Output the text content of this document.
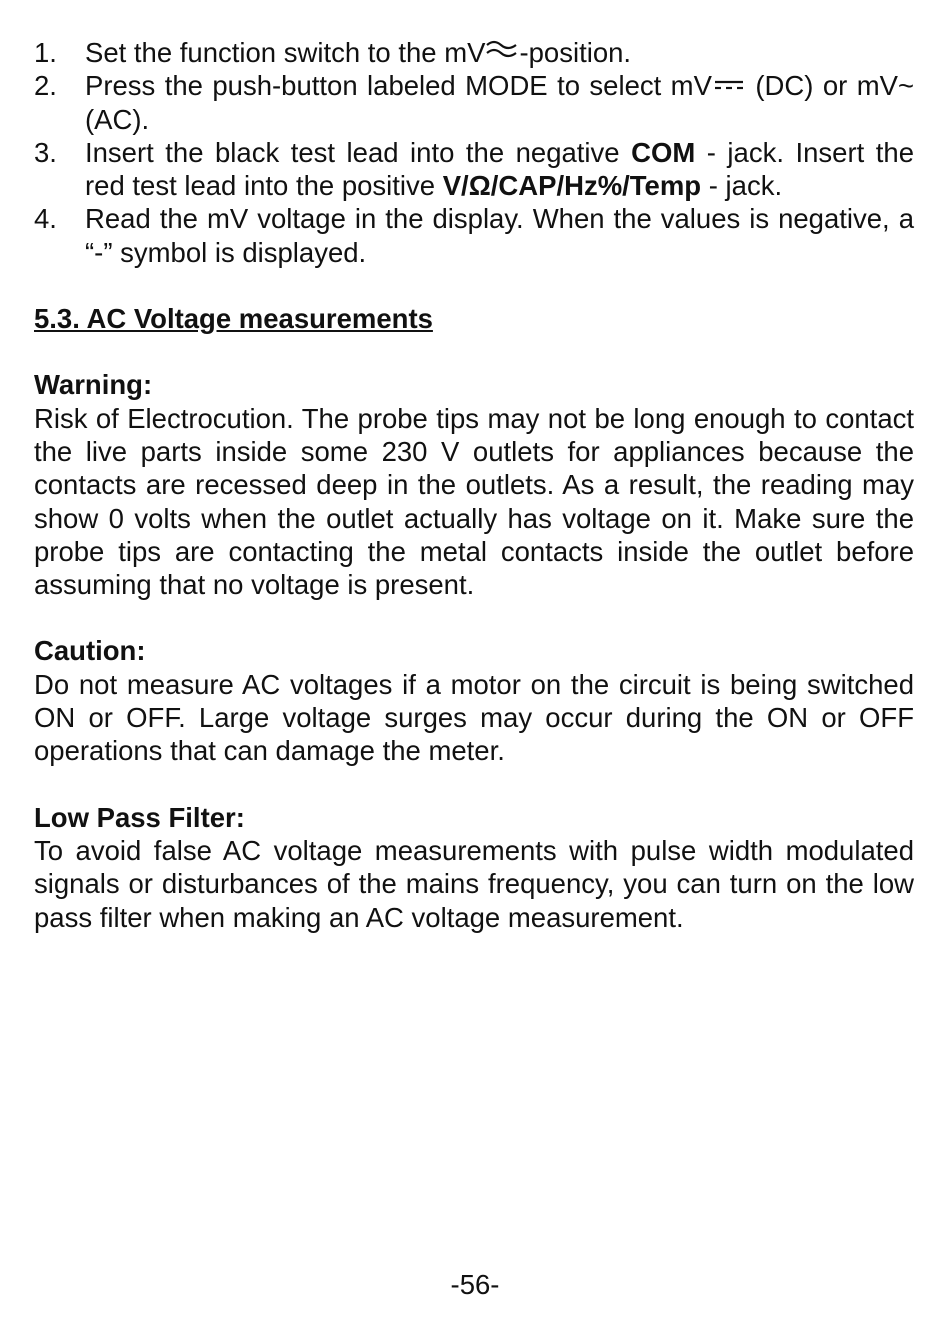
1. Set the function switch to the mV -position.
2. Press the push-button labeled MODE to select mV (DC) or mV~ (AC).
3. Insert the black test lead into the negative COM - jack. Insert the red test lead into the positive V/Ω/CAP/Hz%/Temp - jack.
4. Read the mV voltage in the display. When the values is negative, a “-” symbol is displayed.

5.3. AC Voltage measurements

Warning:

Risk of Electrocution. The probe tips may not be long enough to contact the live parts inside some 230 V outlets for appliances because the contacts are recessed deep in the outlets. As a result, the reading may show 0 volts when the outlet actually has voltage on it. Make sure the probe tips are contacting the metal contacts inside the outlet before assuming that no voltage is present.

Caution:

Do not measure AC voltages if a motor on the circuit is being switched ON or OFF. Large voltage surges may occur during the ON or OFF operations that can damage the meter.

Low Pass Filter:

To avoid false AC voltage measurements with pulse width modulated signals or disturbances of the mains frequency, you can turn on the low pass filter when making an AC voltage measurement.

-56-
